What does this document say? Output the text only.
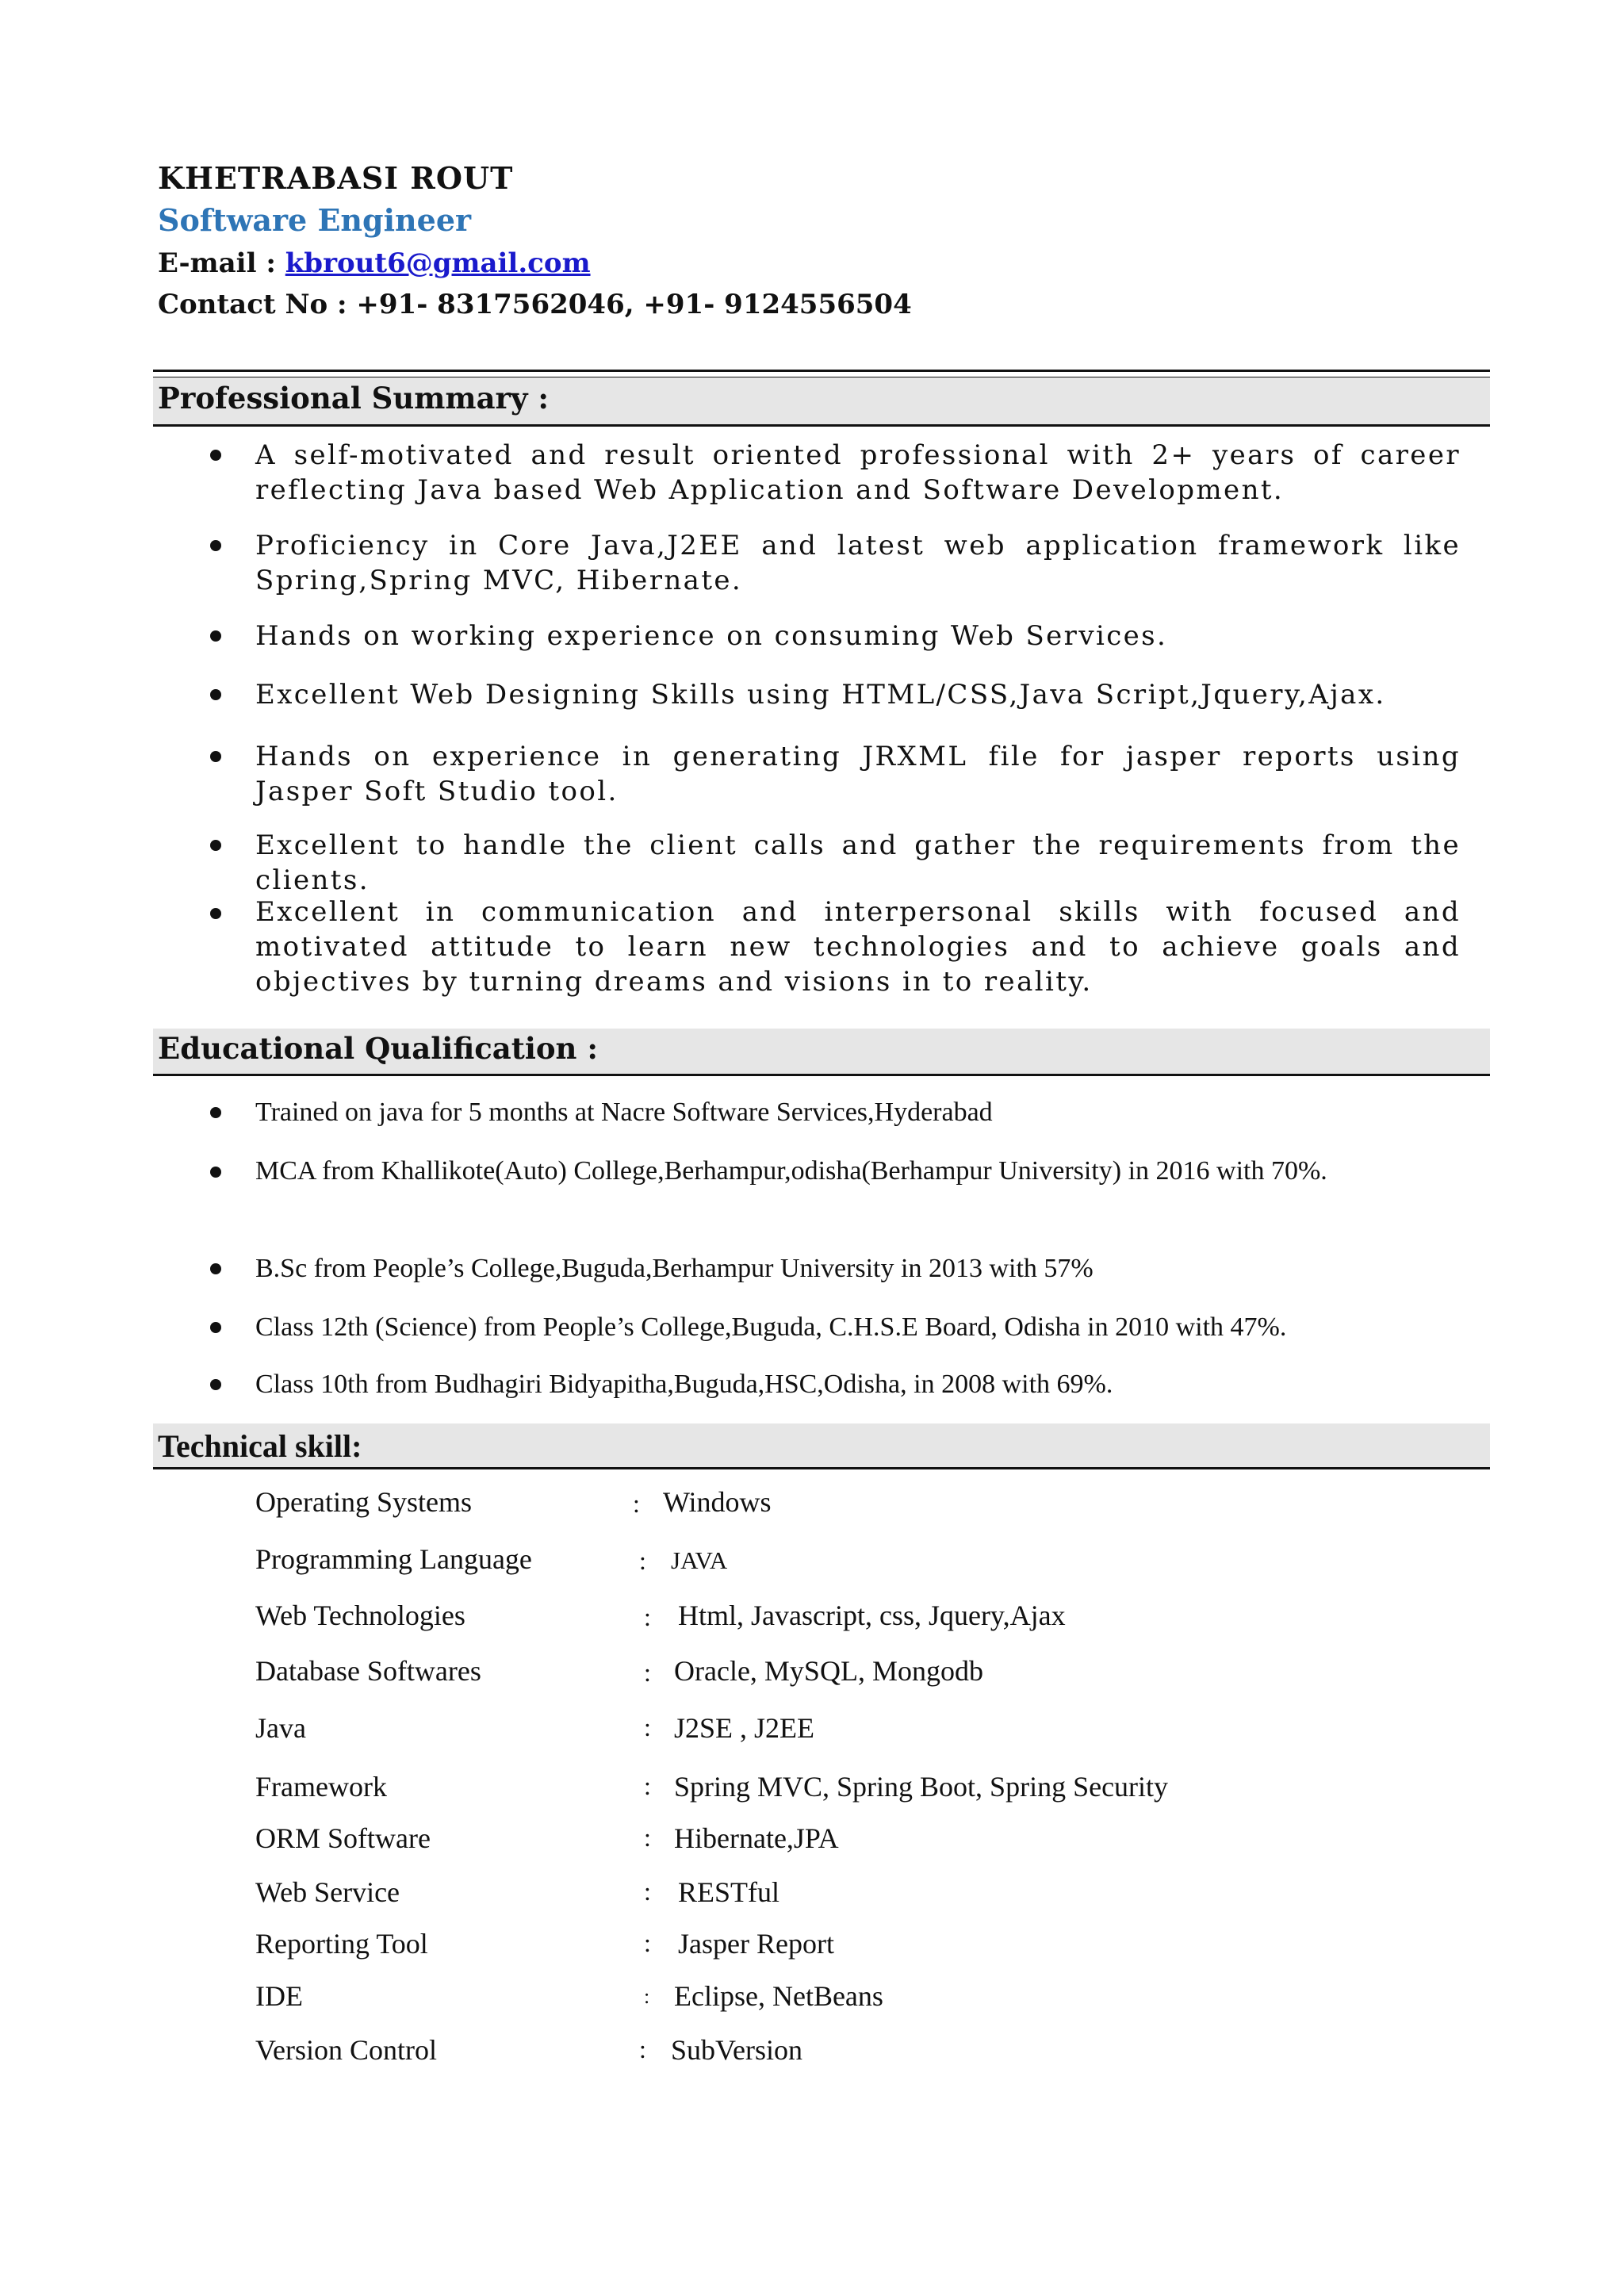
KHETRABASI ROUT
Software Engineer
E-mail : kbrout6@gmail.com
Contact No : +91- 8317562046, +91- 9124556504
Professional Summary :
A self-motivated and result oriented professional with 2+ years of career reflecting Java based Web Application and Software Development.
Proficiency in Core Java,J2EE and latest web application framework like Spring,Spring MVC, Hibernate.
Hands on working experience on consuming Web Services.
Excellent Web Designing Skills using HTML/CSS,Java Script,Jquery,Ajax.
Hands on experience in generating JRXML file for jasper reports using Jasper Soft Studio tool.
Excellent to handle the client calls and gather the requirements from the clients.
Excellent in communication and interpersonal skills with focused and motivated attitude to learn new technologies and to achieve goals and objectives by turning dreams and visions in to reality.
Educational Qualification :
Trained on java for 5 months at Nacre Software Services,Hyderabad
MCA from Khallikote(Auto) College,Berhampur,odisha(Berhampur University) in 2016 with 70%.
B.Sc from People’s College,Buguda,Berhampur University in 2013 with 57%
Class 12th (Science) from People’s College,Buguda, C.H.S.E Board, Odisha in 2010 with 47%.
Class 10th from Budhagiri Bidyapitha,Buguda,HSC,Odisha, in 2008 with 69%.
Technical skill:
Operating Systems	: Windows
Programming Language	: JAVA
Web Technologies	: Html, Javascript, css, Jquery,Ajax
Database Softwares	: Oracle, MySQL, Mongodb
Java	: J2SE , J2EE
Framework	: Spring MVC, Spring Boot, Spring Security
ORM Software	: Hibernate,JPA
Web Service	: RESTful
Reporting Tool	: Jasper Report
IDE	: Eclipse, NetBeans
Version Control	: SubVersion
